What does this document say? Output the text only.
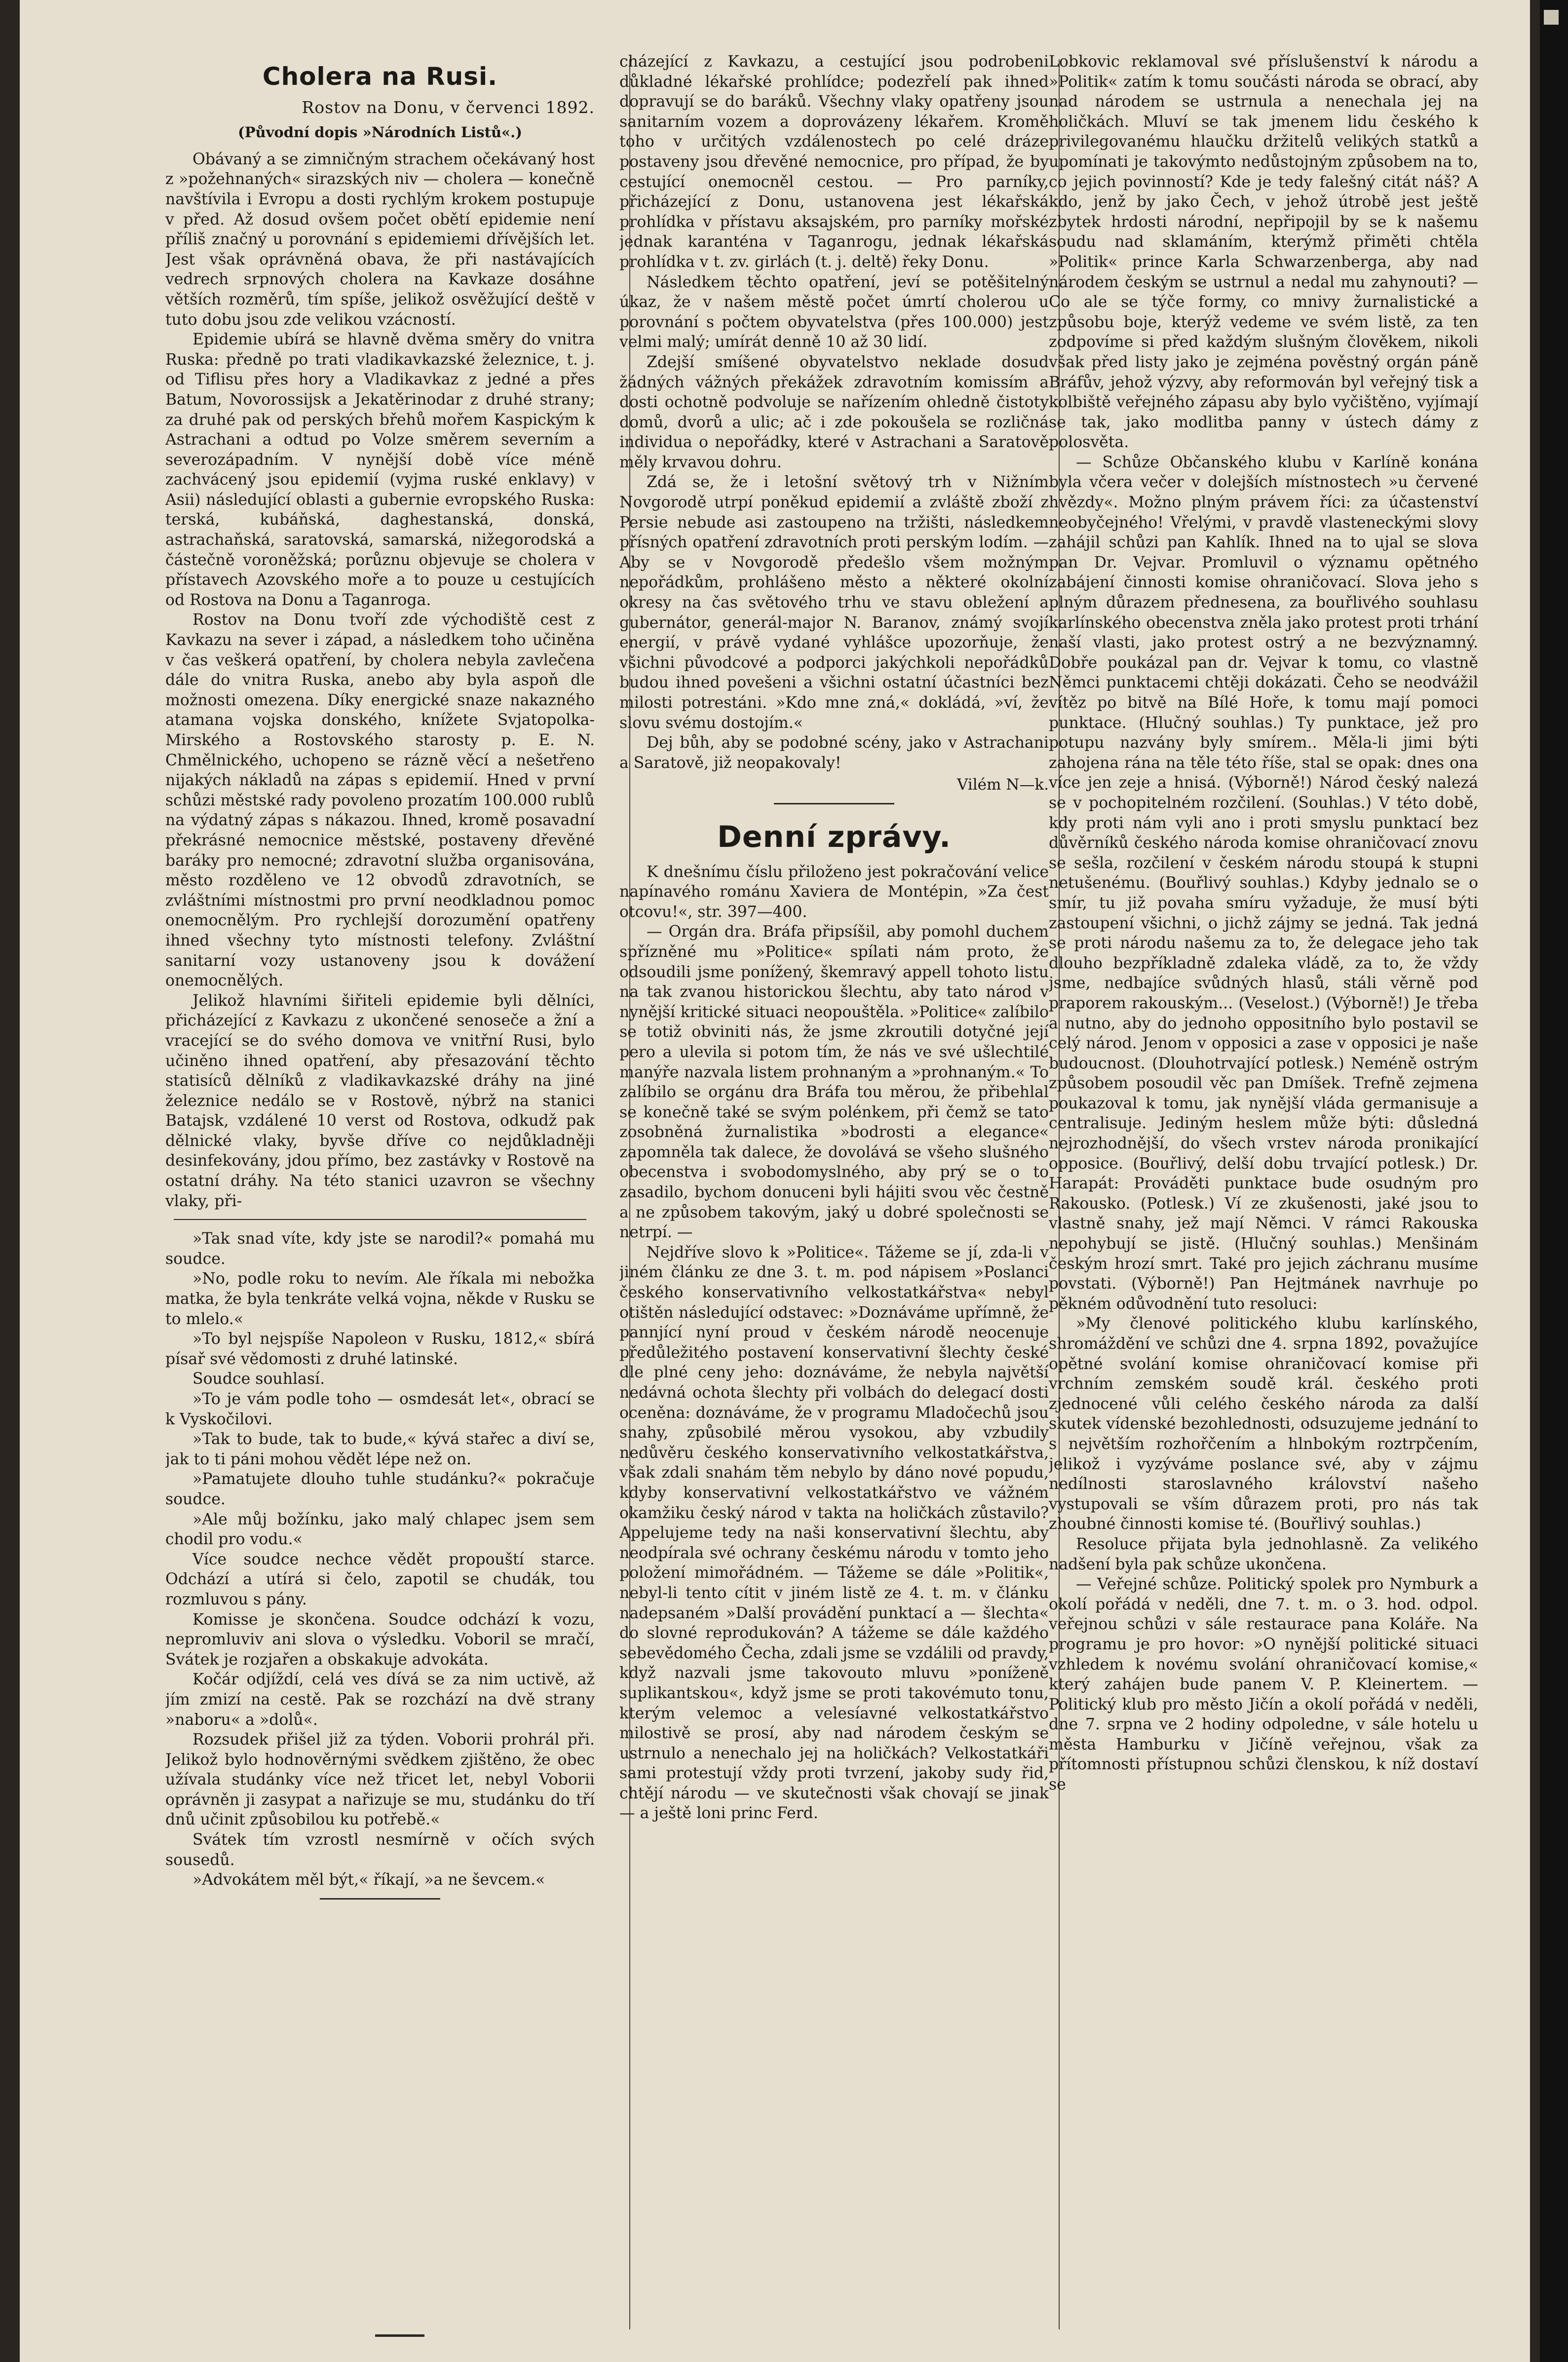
Cholera na Rusi.
Rostov na Donu, v červenci 1892.
(Původní dopis »Národních Listů«.)

Obávaný a se zimničným strachem očekávaný host z »požehnaných« sirazských niv — cholera — konečně navštívila i Evropu a dosti rychlým krokem postupuje v před. Až dosud ovšem počet obětí epidemie není příliš značný u porovnání s epidemiemi dřívějších let. Jest však oprávněná obava, že při nastávajících vedrech srpnových cholera na Kavkaze dosáhne větších rozměrů, tím spíše, jelikož osvěžující deště v tuto dobu jsou zde velikou vzácností.

Epidemie ubírá se hlavně dvěma směry do vnitra Ruska: předně po trati vladikavkazské železnice, t. j. od Tiflisu přes hory a Vladikavkaz z jedné a přes Batum, Novorossijsk a Jekatěrinodar z druhé strany; za druhé pak od perských břehů mořem Kaspickým k Astrachani a odtud po Volze směrem severním a severozápadním. V nynější době více méně zachvácený jsou epidemií (vyjma ruské enklavy) v Asii) následující oblasti a gubernie evropského Ruska: terská, kubáňská, daghestanská, donská, astrachaňská, saratovská, samarská, nižegorodská a částečně voroněžská; porůznu objevuje se cholera v přístavech Azovského moře a to pouze u cestujících od Rostova na Donu a Taganroga.

Rostov na Donu tvoří zde východiště cest z Kavkazu na sever i západ, a následkem toho učiněna v čas veškerá opatření, by cholera nebyla zavlečena dále do vnitra Ruska, anebo aby byla aspoň dle možnosti omezena. Díky energické snaze nakazného atamana vojska donského, knížete Svjatopolka-Mirského a Rostovského starosty p. E. N. Chmělnického, uchopeno se rázně věcí a nešetřeno nijakých nákladů na zápas s epidemií. Hned v první schůzi městské rady povoleno prozatím 100.000 rublů na výdatný zápas s nákazou. Ihned, kromě posavadní překrásné nemocnice městské, postaveny dřevěné baráky pro nemocné; zdravotní služba organisována, město rozděleno ve 12 obvodů zdravotních, se zvláštními místnostmi pro první neodkladnou pomoc onemocnělým. Pro rychlejší dorozumění opatřeny ihned všechny tyto místnosti telefony. Zvláštní sanitarní vozy ustanoveny jsou k dovážení onemocnělých.

Jelikož hlavními šiřiteli epidemie byli dělníci, přicházející z Kavkazu z ukončené senoseče a žní a vracející se do svého domova ve vnitřní Rusi, bylo učiněno ihned opatření, aby přesazování těchto statisíců dělníků z vladikavkazské dráhy na jiné železnice nedálo se v Rostově, nýbrž na stanici Batajsk, vzdálené 10 verst od Rostova, odkudž pak dělnické vlaky, byvše dříve co nejdůkladněji desinfekovány, jdou přímo, bez zastávky v Rostově na ostatní dráhy. Na této stanici uzavron se všechny vlaky, při-

»Tak snad víte, kdy jste se narodil?« pomahá mu soudce.

»No, podle roku to nevím. Ale říkala mi nebožka matka, že byla tenkráte velká vojna, někde v Rusku se to mlelo.«

»To byl nejspíše Napoleon v Rusku, 1812,« sbírá písař své vědomosti z druhé latinské.

Soudce souhlasí.

»To je vám podle toho — osmdesát let«, obrací se k Vyskočilovi.

»Tak to bude, tak to bude,« kývá stařec a diví se, jak to ti páni mohou vědět lépe než on.

»Pamatujete dlouho tuhle studánku?« pokračuje soudce.

»Ale můj božínku, jako malý chlapec jsem sem chodil pro vodu.«

Více soudce nechce vědět propouští starce. Odchází a utírá si čelo, zapotil se chudák, tou rozmluvou s pány.

Komisse je skončena. Soudce odchází k vozu, nepromluviv ani slova o výsledku. Voboril se mračí, Svátek je rozjařen a obskakuje advokáta.

Kočár odjíždí, celá ves dívá se za nim uctivě, až jím zmizí na cestě. Pak se rozchází na dvě strany »naboru« a »dolů«.

Rozsudek přišel již za týden. Voborii prohrál při. Jelikož bylo hodnověrnými svědkem zjištěno, že obec užívala studánky více než třicet let, nebyl Voborii oprávněn ji zasypat a nařizuje se mu, studánku do tří dnů učinit způsobilou ku potřebě.«

Svátek tím vzrostl nesmírně v očích svých sousedů.

»Advokátem měl být,« říkají, »a ne ševcem.«

cházející z Kavkazu, a cestující jsou podrobeni důkladné lékařské prohlídce; podezřelí pak ihned dopravují se do baráků. Všechny vlaky opatřeny jsou sanitarním vozem a doprovázeny lékařem. Kromě toho v určitých vzdálenostech po celé dráze postaveny jsou dřevěné nemocnice, pro případ, že by cestující onemocněl cestou. — Pro parníky, přicházející z Donu, ustanovena jest lékařská prohlídka v přístavu aksajském, pro parníky mořské jednak karanténa v Taganrogu, jednak lékařská prohlídka v t. zv. girlách (t. j. deltě) řeky Donu.

Následkem těchto opatření, jeví se potěšitelný úkaz, že v našem městě počet úmrtí cholerou u porovnání s počtem obyvatelstva (přes 100.000) jest velmi malý; umírát denně 10 až 30 lidí.

Zdejší smíšené obyvatelstvo neklade dosud žádných vážných překážek zdravotním komissím a dosti ochotně podvoluje se nařízením ohledně čistoty domů, dvorů a ulic; ač i zde pokoušela se rozličná individua o nepořádky, které v Astrachani a Saratově měly krvavou dohru.

Zdá se, že i letošní světový trh v Nižním Novgorodě utrpí poněkud epidemií a zvláště zboží z Persie nebude asi zastoupeno na tržišti, následkem přísných opatření zdravotních proti perským lodím. — Aby se v Novgorodě předešlo všem možným nepořádkům, prohlášeno město a některé okolní okresy na čas světového trhu ve stavu obležení a gubernátor, generál-major N. Baranov, známý svojí energií, v právě vydané vyhlášce upozorňuje, že všichni původcové a podporci jakýchkoli nepořádků budou ihned povešeni a všichni ostatní účastníci bez milosti potrestáni. »Kdo mne zná,« dokládá, »ví, že slovu svému dostojím.«

Dej bůh, aby se podobné scény, jako v Astrachani a Saratově, již neopakovaly!

Vilém N—k.
Denní zprávy.

K dnešnímu číslu přiloženo jest pokračování velice napínavého románu Xaviera de Montépin, »Za čest otcovu!«, str. 397—400.

— Orgán dra. Bráfa připsíšil, aby pomohl duchem spřízněné mu »Politice« spílati nám proto, že odsoudili jsme ponížený, škemravý appell tohoto listu na tak zvanou historickou šlechtu, aby tato národ v nynější kritické situaci neopouštěla. »Politice« zalíbilo se totiž obviniti nás, že jsme zkroutili dotyčné její pero a ulevila si potom tím, že nás ve své ušlechtilé manýře nazvala listem prohnaným a »prohnaným.« To zalíbilo se orgánu dra Bráfa tou měrou, že přibehlal se konečně také se svým polénkem, při čemž se tato zosobněná žurnalistika »bodrosti a elegance« zapomněla tak dalece, že dovolává se všeho slušného obecenstva i svobodomyslného, aby prý se o to zasadilo, bychom donuceni byli hájiti svou věc čestně a ne způsobem takovým, jaký u dobré společnosti se netrpí. —

Nejdříve slovo k »Politice«. Tážeme se jí, zda-li v jiném článku ze dne 3. t. m. pod nápisem »Poslanci českého konservativního velkostatkářstva« nebyl otištěn následující odstavec: »Doznáváme upřímně, že pannjící nyní proud v českém národě neocenuje předůležitého postavení konservativní šlechty české dle plné ceny jeho: doznáváme, že nebyla najvětší nedávná ochota šlechty při volbách do delegací dosti oceněna: doznáváme, že v programu Mladočechů jsou snahy, způsobilé měrou vysokou, aby vzbudily nedůvěru českého konservativního velkostatkářstva, však zdali snahám těm nebylo by dáno nové popudu, kdyby konservativní velkostatkářstvo ve vážném okamžiku český národ v takta na holičkách zůstavilo? Appelujeme tedy na naši konservativní šlechtu, aby neodpírala své ochrany českému národu v tomto jeho položení mimořádném. — Tážeme se dále »Politik«, nebyl-li tento cítit v jiném listě ze 4. t. m. v článku nadepsaném »Další provádění punktací a — šlechta« do slovné reprodukován? A tážeme se dále každého sebevědomého Čecha, zdali jsme se vzdálili od pravdy, když nazvali jsme takovouto mluvu »poníženě suplikantskou«, když jsme se proti takovémuto tonu, kterým velemoc a velesíavné velkostatkářstvo milostivě se prosí, aby nad národem českým se ustrnulo a nenechalo jej na holičkách? Velkostatkáři sami protestují vždy proti tvrzení, jakoby sudy řid, chtějí národu — ve skutečnosti však chovají se jinak — a ještě loni princ Ferd.

Lobkovic reklamoval své příslušenství k národu a »Politik« zatím k tomu součásti národa se obrací, aby nad národem se ustrnula a nenechala jej na holičkách. Mluví se tak jmenem lidu českého k privilegovanému hlaučku držitelů velikých statků a upomínati je takovýmto nedůstojným způsobem na to, co jejich povinností? Kde je tedy falešný citát náš? A kdo, jenž by jako Čech, v jehož útrobě jest ještě zbytek hrdosti národní, nepřipojil by se k našemu soudu nad sklamáním, kterýmž přiměti chtěla »Politik« prince Karla Schwarzenberga, aby nad národem českým se ustrnul a nedal mu zahynouti? — Co ale se týče formy, co mnivy žurnalistické a způsobu boje, kterýž vedeme ve svém listě, za ten zodpovíme si před každým slušným člověkem, nikoli však před listy jako je zejména pověstný orgán páně Bráfův, jehož výzvy, aby reformován byl veřejný tisk a kolbiště veřejného zápasu aby bylo vyčištěno, vyjímají se tak, jako modlitba panny v ústech dámy z polosvěta.

— Schůze Občanského klubu v Karlíně konána byla včera večer v dolejších místnostech »u červené hvězdy«. Možno plným právem říci: za účastenství neobyčejného! Vřelými, v pravdě vlasteneckými slovy zahájil schůzi pan Kahlík. Ihned na to ujal se slova pan Dr. Vejvar. Promluvil o významu opětného zabájení činnosti komise ohraničovací. Slova jeho s plným důrazem přednesena, za bouřlivého souhlasu karlínského obecenstva zněla jako protest proti trhání naší vlasti, jako protest ostrý a ne bezvýznamný. Dobře poukázal pan dr. Vejvar k tomu, co vlastně Němci punktacemi chtěji dokázati. Čeho se neodvážil vítěz po bitvě na Bílé Hoře, k tomu mají pomoci punktace. (Hlučný souhlas.) Ty punktace, jež pro potupu nazvány byly smírem.. Měla-li jimi býti zahojena rána na těle této říše, stal se opak: dnes ona více jen zeje a hnisá. (Výborně!) Národ český nalezá se v pochopitelném rozčilení. (Souhlas.) V této době, kdy proti nám vyli ano i proti smyslu punktací bez důvěrníků českého národa komise ohraničovací znovu se sešla, rozčilení v českém národu stoupá k stupni netušenému. (Bouřlivý souhlas.) Kdyby jednalo se o smír, tu již povaha smíru vyžaduje, že musí býti zastoupení všichni, o jichž zájmy se jedná. Tak jedná se proti národu našemu za to, že delegace jeho tak dlouho bezpříkladně zdaleka vládě, za to, že vždy jsme, nedbajíce svůdných hlasů, stáli věrně pod praporem rakouským... (Veselost.) (Výborně!) Je třeba a nutno, aby do jednoho oppositního bylo postavil se celý národ. Jenom v opposici a zase v opposici je naše budoucnost. (Dlouhotrvající potlesk.) Neméně ostrým způsobem posoudil věc pan Dmíšek. Trefně zejmena poukazoval k tomu, jak nynější vláda germanisuje a centralisuje. Jediným heslem může býti: důsledná nejrozhodnější, do všech vrstev národa pronikající opposice. (Bouřlivý, delší dobu trvající potlesk.) Dr. Harapát: Prováděti punktace bude osudným pro Rakousko. (Potlesk.) Ví ze zkušenosti, jaké jsou to vlastně snahy, jež mají Němci. V rámci Rakouska nepohybují se jistě. (Hlučný souhlas.) Menšinám českým hrozí smrt. Také pro jejich záchranu musíme povstati. (Výborně!) Pan Hejtmánek navrhuje po pěkném odůvodnění tuto resoluci:

»My členové politického klubu karlínského, shromáždění ve schůzi dne 4. srpna 1892, považujíce opětné svolání komise ohraničovací komise při vrchním zemském soudě král. českého proti zjednocené vůli celého českého národa za další skutek vídenské bezohlednosti, odsuzujeme jednání to s největším rozhořčením a hlnbokým roztrpčením, jelikož i vyzýváme poslance své, aby v zájmu nedílnosti staroslavného království našeho vystupovali se vším důrazem proti, pro nás tak zhoubné činnosti komise té. (Bouřlivý souhlas.)

Resoluce přijata byla jednohlasně. Za velikého nadšení byla pak schůze ukončena.

— Veřejné schůze. Politický spolek pro Nymburk a okolí pořádá v neděli, dne 7. t. m. o 3. hod. odpol. veřejnou schůzi v sále restaurace pana Koláře. Na programu je pro hovor: »O nynější politické situaci vzhledem k novému svolání ohraničovací komise,« který zahájen bude panem V. P. Kleinertem. — Politický klub pro město Jičín a okolí pořádá v neděli, dne 7. srpna ve 2 hodiny odpoledne, v sále hotelu u města Hamburku v Jičíně veřejnou, však za přítomnosti přístupnou schůzi členskou, k níž dostaví se
